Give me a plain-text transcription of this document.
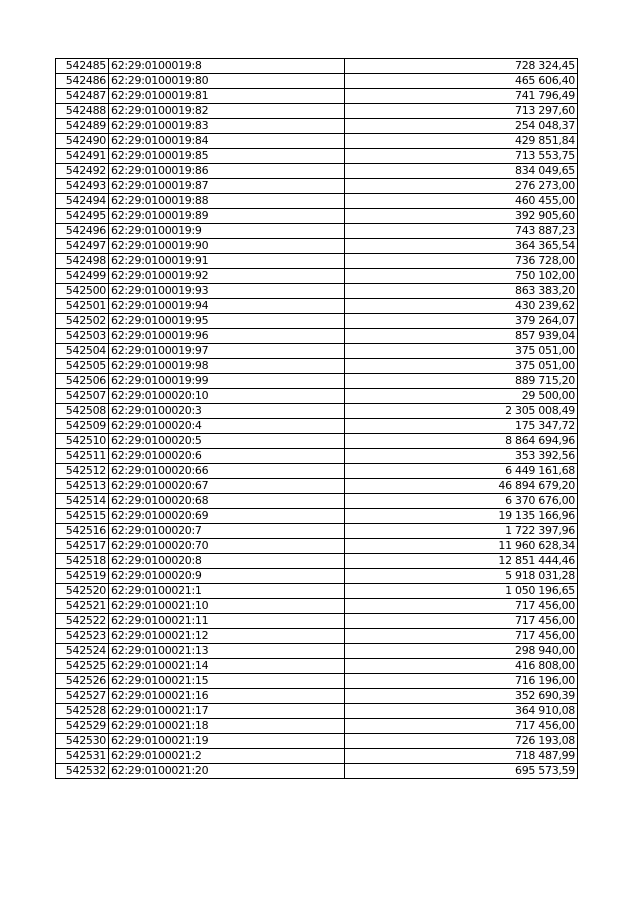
542485	62:29:0100019:8	728 324,45
542486	62:29:0100019:80	465 606,40
542487	62:29:0100019:81	741 796,49
542488	62:29:0100019:82	713 297,60
542489	62:29:0100019:83	254 048,37
542490	62:29:0100019:84	429 851,84
542491	62:29:0100019:85	713 553,75
542492	62:29:0100019:86	834 049,65
542493	62:29:0100019:87	276 273,00
542494	62:29:0100019:88	460 455,00
542495	62:29:0100019:89	392 905,60
542496	62:29:0100019:9	743 887,23
542497	62:29:0100019:90	364 365,54
542498	62:29:0100019:91	736 728,00
542499	62:29:0100019:92	750 102,00
542500	62:29:0100019:93	863 383,20
542501	62:29:0100019:94	430 239,62
542502	62:29:0100019:95	379 264,07
542503	62:29:0100019:96	857 939,04
542504	62:29:0100019:97	375 051,00
542505	62:29:0100019:98	375 051,00
542506	62:29:0100019:99	889 715,20
542507	62:29:0100020:10	29 500,00
542508	62:29:0100020:3	2 305 008,49
542509	62:29:0100020:4	175 347,72
542510	62:29:0100020:5	8 864 694,96
542511	62:29:0100020:6	353 392,56
542512	62:29:0100020:66	6 449 161,68
542513	62:29:0100020:67	46 894 679,20
542514	62:29:0100020:68	6 370 676,00
542515	62:29:0100020:69	19 135 166,96
542516	62:29:0100020:7	1 722 397,96
542517	62:29:0100020:70	11 960 628,34
542518	62:29:0100020:8	12 851 444,46
542519	62:29:0100020:9	5 918 031,28
542520	62:29:0100021:1	1 050 196,65
542521	62:29:0100021:10	717 456,00
542522	62:29:0100021:11	717 456,00
542523	62:29:0100021:12	717 456,00
542524	62:29:0100021:13	298 940,00
542525	62:29:0100021:14	416 808,00
542526	62:29:0100021:15	716 196,00
542527	62:29:0100021:16	352 690,39
542528	62:29:0100021:17	364 910,08
542529	62:29:0100021:18	717 456,00
542530	62:29:0100021:19	726 193,08
542531	62:29:0100021:2	718 487,99
542532	62:29:0100021:20	695 573,59
